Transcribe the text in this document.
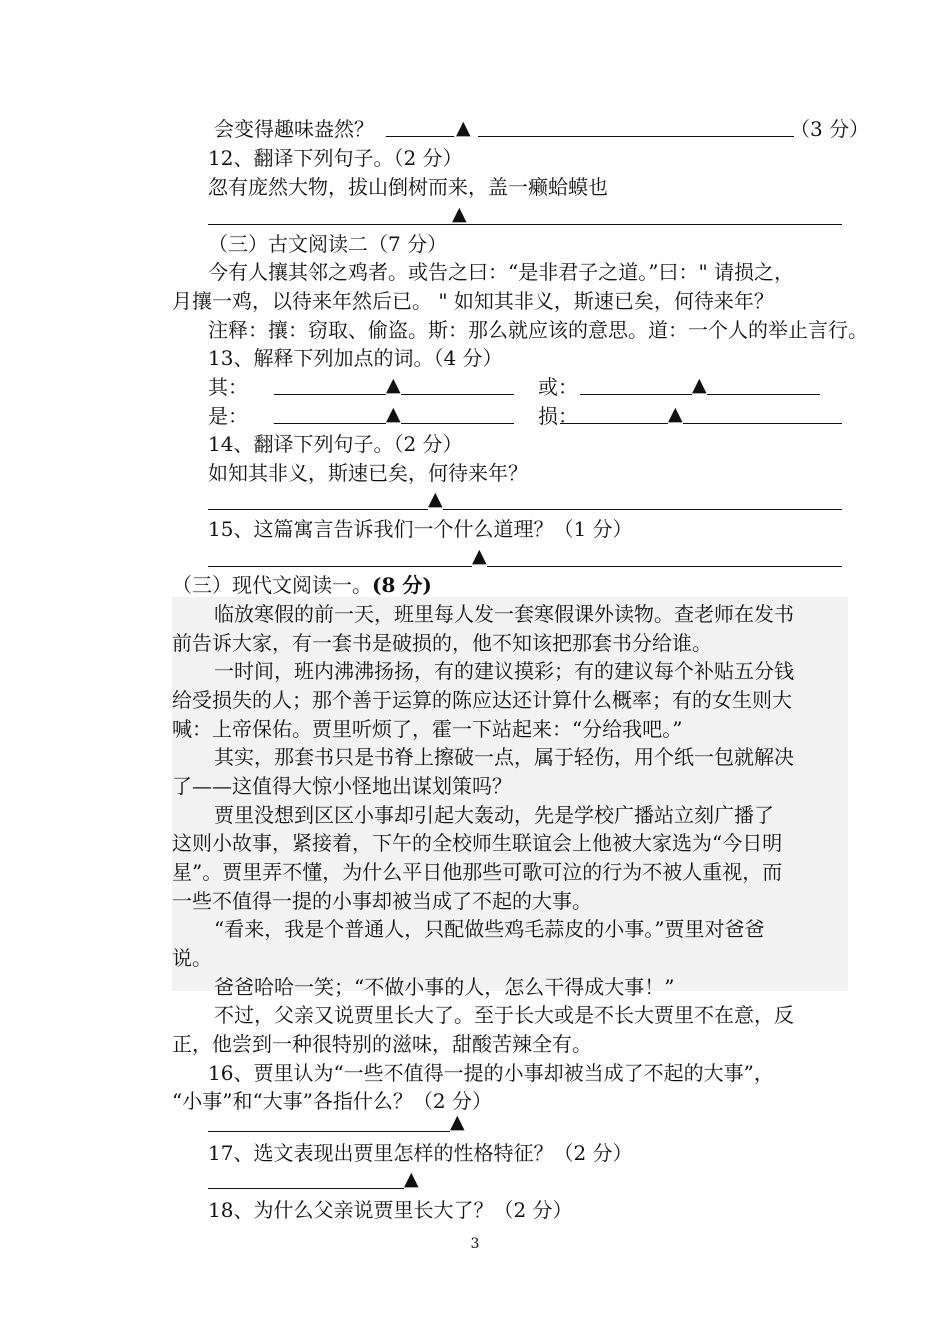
会变得趣味盎然？	▲	（3 分）
12、翻译下列句子。（2 分）
忽有庞然大物，拔山倒树而来，盖一癞蛤蟆也
▲
（三）古文阅读二（7 分）
今有人攘其邻之鸡者。或告之曰：“是非君子之道。”曰：" 请损之，
月攘一鸡，以待来年然后已。 " 如知其非义，斯速已矣，何待来年？
注释：攘：窃取、偷盗。斯：那么就应该的意思。道：一个人的举止言行。
13、解释下列加点的词。（4 分）
其：	▲	或：	▲
是：	▲	损：	▲
14、翻译下列句子。（2 分）
如知其非义，斯速已矣，何待来年？
▲
15、这篇寓言告诉我们一个什么道理？（1 分）
▲
（三）现代文阅读一。(8 分)
临放寒假的前一天，班里每人发一套寒假课外读物。查老师在发书
前告诉大家，有一套书是破损的，他不知该把那套书分给谁。
一时间，班内沸沸扬扬，有的建议摸彩；有的建议每个补贴五分钱
给受损失的人；那个善于运算的陈应达还计算什么概率；有的女生则大
喊：上帝保佑。贾里听烦了，霍一下站起来：“分给我吧。”
其实，那套书只是书脊上擦破一点，属于轻伤，用个纸一包就解决
了——这值得大惊小怪地出谋划策吗？
贾里没想到区区小事却引起大轰动，先是学校广播站立刻广播了
这则小故事，紧接着，下午的全校师生联谊会上他被大家选为“今日明
星”。贾里弄不懂，为什么平日他那些可歌可泣的行为不被人重视，而
一些不值得一提的小事却被当成了不起的大事。
“看来，我是个普通人，只配做些鸡毛蒜皮的小事。”贾里对爸爸
说。
爸爸哈哈一笑；“不做小事的人，怎么干得成大事！”
不过，父亲又说贾里长大了。至于长大或是不长大贾里不在意，反
正，他尝到一种很特别的滋味，甜酸苦辣全有。
16、贾里认为“一些不值得一提的小事却被当成了不起的大事”，
“小事”和“大事”各指什么？（2 分）
▲
17、选文表现出贾里怎样的性格特征？（2 分）
▲
18、为什么父亲说贾里长大了？（2 分）
3
